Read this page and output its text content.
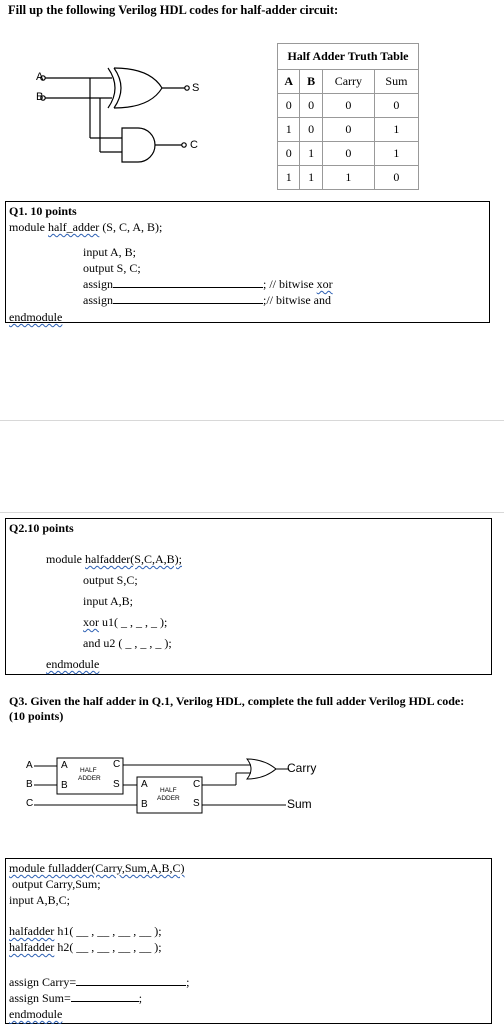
Fill up the following Verilog HDL codes for half-adder circuit:
A
B
S
C
Half Adder Truth Table			
A	B	Carry	Sum
0	0	0	0
1	0	0	1
0	1	0	1
1	1	1	0
Q1. 10 points
module half_adder (S, C, A, B);
input A, B;
output S, C;
assign	; // bitwise xor
assign	;// bitwise and
endmodule
Q2.10 points
module halfadder(S,C,A,B);
output S,C;
input A,B;
xor u1( _ , _ , _ );
and u2 ( _ , _ , _ );
endmodule
Q3. Given the half adder in Q.1, Verilog HDL, complete the full adder Verilog HDL code:
(10 points)
A
B
C
A
B
C
S
HALF
ADDER
A
B
C
S
HALF
ADDER
Carry
Sum
module fulladder(Carry,Sum,A,B,C)
output Carry,Sum;
input A,B,C;
halfadder h1( __ , __ , __ , __ );
halfadder h2( __ , __ , __ , __ );
assign Carry=	;
assign Sum=	;
endmodule
